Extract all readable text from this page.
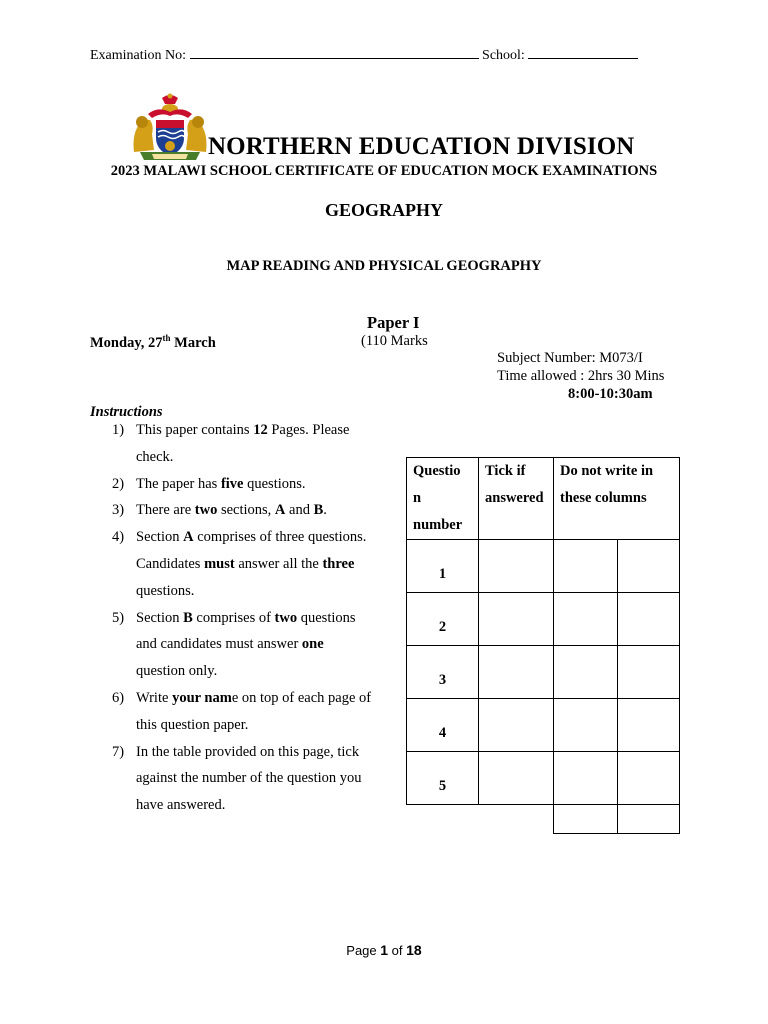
Examination No:	School:
NORTHERN EDUCATION DIVISION
2023 MALAWI SCHOOL CERTIFICATE OF EDUCATION MOCK EXAMINATIONS
GEOGRAPHY
MAP READING AND PHYSICAL GEOGRAPHY
Paper I
Monday, 27th March	(110 Marks
Subject Number: M073/I
Time allowed : 2hrs 30 Mins
8:00-10:30am
Instructions
1) This paper contains 12 Pages. Please check.
2) The paper has five questions.
3) There are two sections, A and B.
4) Section A comprises of three questions. Candidates must answer all the three questions.
5) Section B comprises of two questions and candidates must answer one question only.
6) Write your name on top of each page of this question paper.
7) In the table provided on this page, tick against the number of the question you have answered.
Questio n number	Tick if answered	Do not write in these columns	
1			
2			
3			
4			
5			

Page 1 of 18
